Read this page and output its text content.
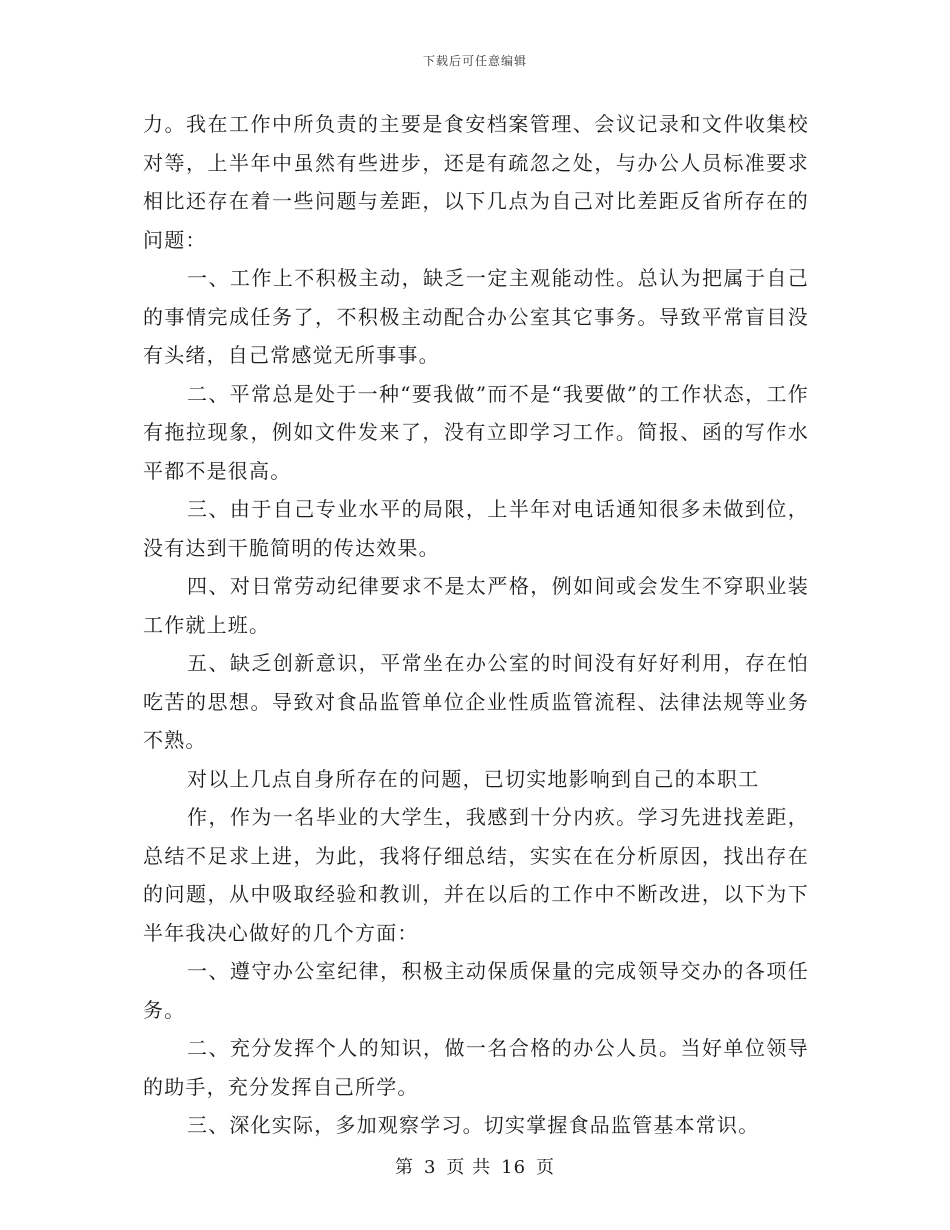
下载后可任意编辑

力。我在工作中所负责的主要是食安档案管理、会议记录和文件收集校对等，上半年中虽然有些进步，还是有疏忽之处，与办公人员标准要求相比还存在着一些问题与差距，以下几点为自己对比差距反省所存在的问题：

一、工作上不积极主动，缺乏一定主观能动性。总认为把属于自己的事情完成任务了，不积极主动配合办公室其它事务。导致平常盲目没有头绪，自己常感觉无所事事。

二、平常总是处于一种“要我做”而不是“我要做”的工作状态，工作有拖拉现象，例如文件发来了，没有立即学习工作。简报、函的写作水平都不是很高。

三、由于自己专业水平的局限，上半年对电话通知很多未做到位，没有达到干脆简明的传达效果。

四、对日常劳动纪律要求不是太严格，例如间或会发生不穿职业装工作就上班。

五、缺乏创新意识，平常坐在办公室的时间没有好好利用，存在怕吃苦的思想。导致对食品监管单位企业性质监管流程、法律法规等业务不熟。

对以上几点自身所存在的问题，已切实地影响到自己的本职工

作，作为一名毕业的大学生，我感到十分内疚。学习先进找差距，总结不足求上进，为此，我将仔细总结，实实在在分析原因，找出存在的问题，从中吸取经验和教训，并在以后的工作中不断改进，以下为下半年我决心做好的几个方面：

一、遵守办公室纪律，积极主动保质保量的完成领导交办的各项任务。

二、充分发挥个人的知识，做一名合格的办公人员。当好单位领导的助手，充分发挥自己所学。

三、深化实际，多加观察学习。切实掌握食品监管基本常识。

第 3 页 共 16 页
